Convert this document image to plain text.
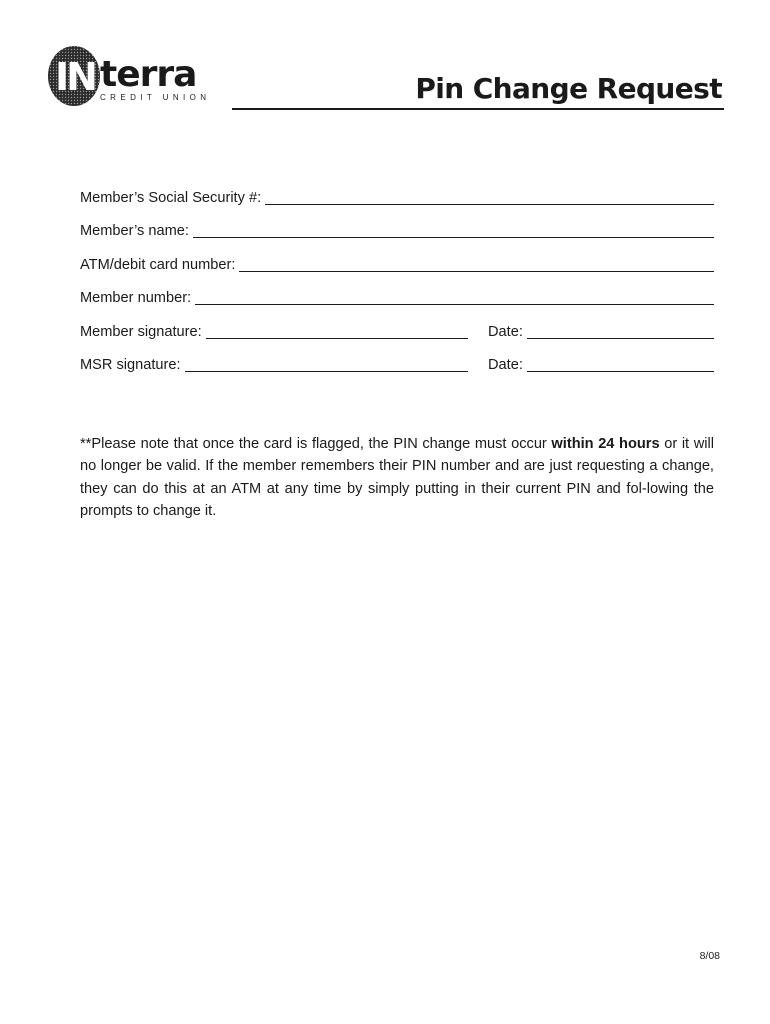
IN terra
CREDIT UNION	Pin Change Request
Member’s Social Security #:
Member’s name:
ATM/debit card number:
Member number:
Member signature:	Date:
MSR signature:	Date:

**Please note that once the card is flagged, the PIN change must occur within 24 hours or it will no longer be valid. If the member remembers their PIN number and are just requesting a change, they can do this at an ATM at any time by simply putting in their current PIN and fol-lowing the prompts to change it.

8/08
